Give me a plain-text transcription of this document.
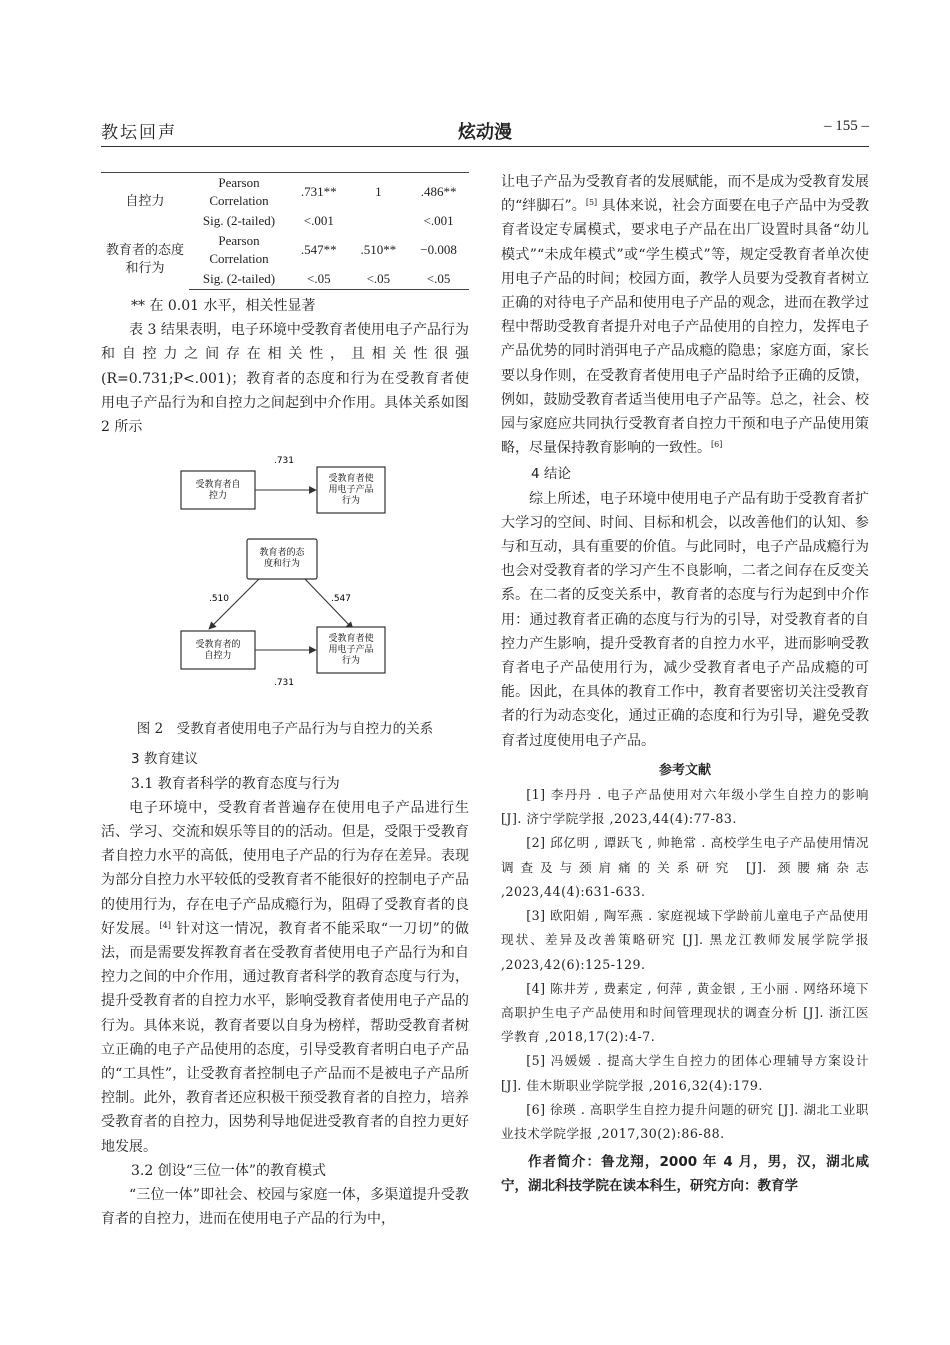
教坛回声	炫动漫	– 155 –
自控力	Pearson Correlation	.731**	1	.486**
	Sig. (2-tailed)	<.001		<.001
教育者的态度和行为	Pearson Correlation	.547**	.510**	−0.008
	Sig. (2-tailed)	<.05	<.05	<.05

** 在 0.01 水平，相关性显著

表 3 结果表明，电子环境中受教育者使用电子产品行为和自控力之间存在相关性，且相关性很强 (R=0.731;P<.001)；教育者的态度和行为在受教育者使用电子产品行为和自控力之间起到中介作用。具体关系如图 2 所示

受教育者自控力
受教育者使用电子产品行为
.731
教育者的态度和行为
.510	.547
受教育者的自控力
受教育者使用电子产品行为
.731
图 2　受教育者使用电子产品行为与自控力的关系

3 教育建议

3.1 教育者科学的教育态度与行为

电子环境中，受教育者普遍存在使用电子产品进行生活、学习、交流和娱乐等目的的活动。但是，受限于受教育者自控力水平的高低，使用电子产品的行为存在差异。表现为部分自控力水平较低的受教育者不能很好的控制电子产品的使用行为，存在电子产品成瘾行为，阻碍了受教育者的良好发展。[4] 针对这一情况，教育者不能采取“一刀切”的做法，而是需要发挥教育者在受教育者使用电子产品行为和自控力之间的中介作用，通过教育者科学的教育态度与行为，提升受教育者的自控力水平，影响受教育者使用电子产品的行为。具体来说，教育者要以自身为榜样，帮助受教育者树立正确的电子产品使用的态度，引导受教育者明白电子产品的“工具性”，让受教育者控制电子产品而不是被电子产品所控制。此外，教育者还应积极干预受教育者的自控力，培养受教育者的自控力，因势利导地促进受教育者的自控力更好地发展。

3.2 创设“三位一体”的教育模式

“三位一体”即社会、校园与家庭一体，多渠道提升受教育者的自控力，进而在使用电子产品的行为中，

让电子产品为受教育者的发展赋能，而不是成为受教育发展的“绊脚石”。[5] 具体来说，社会方面要在电子产品中为受教育者设定专属模式，要求电子产品在出厂设置时具备“幼儿模式”“未成年模式”或“学生模式”等，规定受教育者单次使用电子产品的时间；校园方面，教学人员要为受教育者树立正确的对待电子产品和使用电子产品的观念，进而在教学过程中帮助受教育者提升对电子产品使用的自控力，发挥电子产品优势的同时消弭电子产品成瘾的隐患；家庭方面，家长要以身作则，在受教育者使用电子产品时给予正确的反馈，例如，鼓励受教育者适当使用电子产品等。总之，社会、校园与家庭应共同执行受教育者自控力干预和电子产品使用策略，尽量保持教育影响的一致性。[6]

4 结论

综上所述，电子环境中使用电子产品有助于受教育者扩大学习的空间、时间、目标和机会，以改善他们的认知、参与和互动，具有重要的价值。与此同时，电子产品成瘾行为也会对受教育者的学习产生不良影响，二者之间存在反变关系。在二者的反变关系中，教育者的态度与行为起到中介作用：通过教育者正确的态度与行为的引导，对受教育者的自控力产生影响，提升受教育者的自控力水平，进而影响受教育者电子产品使用行为，减少受教育者电子产品成瘾的可能。因此，在具体的教育工作中，教育者要密切关注受教育者的行为动态变化，通过正确的态度和行为引导，避免受教育者过度使用电子产品。

参考文献

[1] 李丹丹 . 电子产品使用对六年级小学生自控力的影响 [J]. 济宁学院学报 ,2023,44(4):77-83.

[2] 邱亿明 , 谭跃飞 , 帅艳常 . 高校学生电子产品使用情况调查及与颈肩痛的关系研究 [J]. 颈腰痛杂志 ,2023,44(4):631-633.

[3] 欧阳娟 , 陶军燕 . 家庭视域下学龄前儿童电子产品使用现状、差异及改善策略研究 [J]. 黑龙江教师发展学院学报 ,2023,42(6):125-129.

[4] 陈井芳 , 费素定 , 何萍 , 黄金银 , 王小丽 . 网络环境下高职护生电子产品使用和时间管理现状的调查分析 [J]. 浙江医学教育 ,2018,17(2):4-7.

[5] 冯媛媛 . 提高大学生自控力的团体心理辅导方案设计 [J]. 佳木斯职业学院学报 ,2016,32(4):179.

[6] 徐瑛 . 高职学生自控力提升问题的研究 [J]. 湖北工业职业技术学院学报 ,2017,30(2):86-88.

作者简介：鲁龙翔，2000 年 4 月，男，汉，湖北咸宁，湖北科技学院在读本科生，研究方向：教育学
